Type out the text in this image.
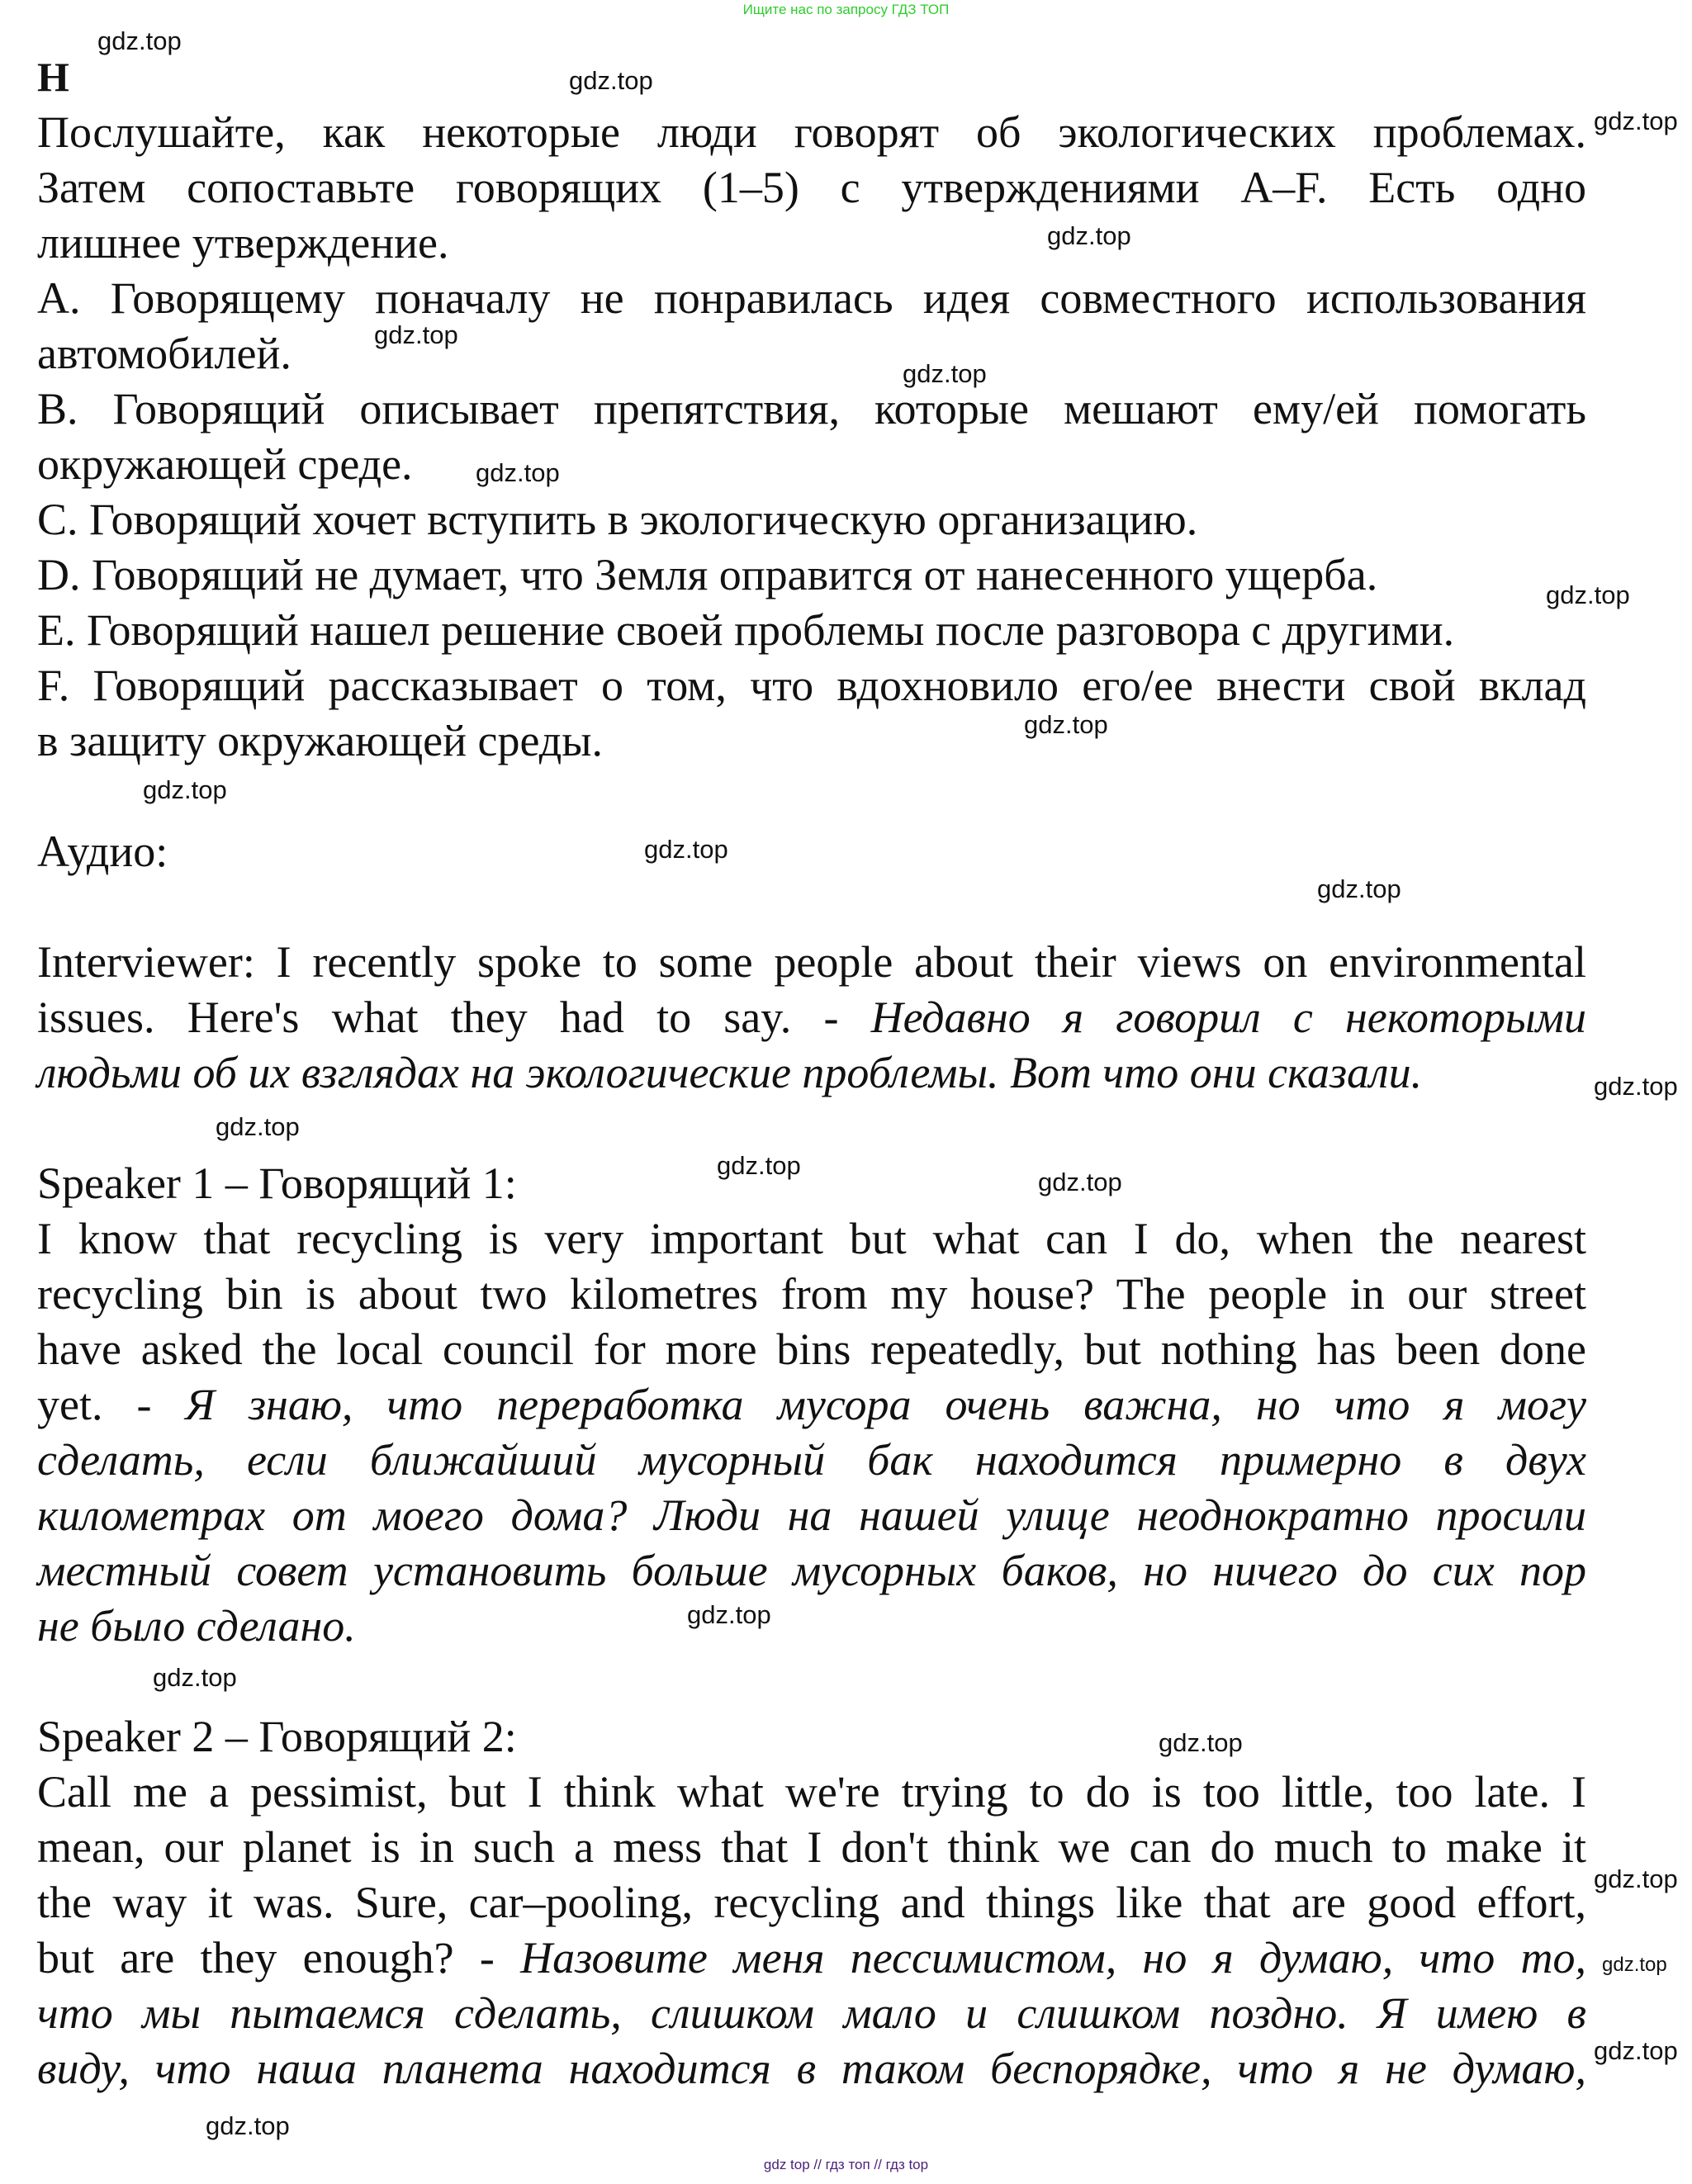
Ищите нас по запросу ГДЗ ТОП
H
Послушайте, как некоторые люди говорят об экологических проблемах.
Затем сопоставьте говорящих (1–5) с утверждениями A–F. Есть одно
лишнее утверждение.
A. Говорящему поначалу не понравилась идея совместного использования
автомобилей.
B. Говорящий описывает препятствия, которые мешают ему/ей помогать
окружающей среде.
C. Говорящий хочет вступить в экологическую организацию.
D. Говорящий не думает, что Земля оправится от нанесенного ущерба.
E. Говорящий нашел решение своей проблемы после разговора с другими.
F. Говорящий рассказывает о том, что вдохновило его/ее внести свой вклад
в защиту окружающей среды.
Аудио:
Interviewer: I recently spoke to some people about their views on environmental
issues. Here's what they had to say. - Недавно я говорил с некоторыми
людьми об их взглядах на экологические проблемы. Вот что они сказали.
Speaker 1 – Говорящий 1:
I know that recycling is very important but what can I do, when the nearest
recycling bin is about two kilometres from my house? The people in our street
have asked the local council for more bins repeatedly, but nothing has been done
yet. - Я знаю, что переработка мусора очень важна, но что я могу
сделать, если ближайший мусорный бак находится примерно в двух
километрах от моего дома? Люди на нашей улице неоднократно просили
местный совет установить больше мусорных баков, но ничего до сих пор
не было сделано.
Speaker 2 – Говорящий 2:
Call me a pessimist, but I think what we're trying to do is too little, too late. I
mean, our planet is in such a mess that I don't think we can do much to make it
the way it was. Sure, car–pooling, recycling and things like that are good effort,
but are they enough? - Назовите меня пессимистом, но я думаю, что то,
что мы пытаемся сделать, слишком мало и слишком поздно. Я имею в
виду, что наша планета находится в таком беспорядке, что я не думаю,
gdz top // гдз топ // гдз top
gdz.top
gdz.top
gdz.top
gdz.top
gdz.top
gdz.top
gdz.top
gdz.top
gdz.top
gdz.top
gdz.top
gdz.top
gdz.top
gdz.top
gdz.top
gdz.top
gdz.top
gdz.top
gdz.top
gdz.top
gdz.top
gdz.top
gdz.top
